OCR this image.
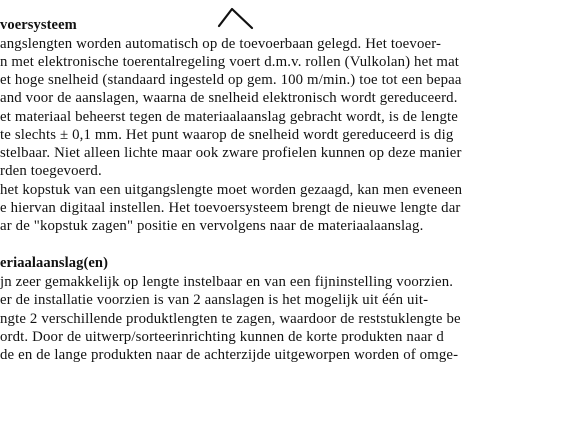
voersysteem
angslengten worden automatisch op de toevoerbaan gelegd. Het toevoer-
n met elektronische toerentalregeling voert d.m.v. rollen (Vulkolan) het mat
et hoge snelheid (standaard ingesteld op gem. 100 m/min.) toe tot een bepaa
and voor de aanslagen, waarna de snelheid elektronisch wordt gereduceerd.
et materiaal beheerst tegen de materiaalaanslag gebracht wordt, is de lengte
te slechts ± 0,1 mm. Het punt waarop de snelheid wordt gereduceerd is dig
stelbaar. Niet alleen lichte maar ook zware profielen kunnen op deze manier
rden toegevoerd.
het kopstuk van een uitgangslengte moet worden gezaagd, kan men eveneen
e hiervan digitaal instellen. Het toevoersysteem brengt de nieuwe lengte dar
ar de "kopstuk zagen" positie en vervolgens naar de materiaalaanslag.
eriaalaanslag(en)
jn zeer gemakkelijk op lengte instelbaar en van een fijninstelling voorzien.
er de installatie voorzien is van 2 aanslagen is het mogelijk uit één uit-
ngte 2 verschillende produktlengten te zagen, waardoor de reststuklengte be
ordt. Door de uitwerp/sorteerinrichting kunnen de korte produkten naar d
de en de lange produkten naar de achterzijde uitgeworpen worden of omge-
